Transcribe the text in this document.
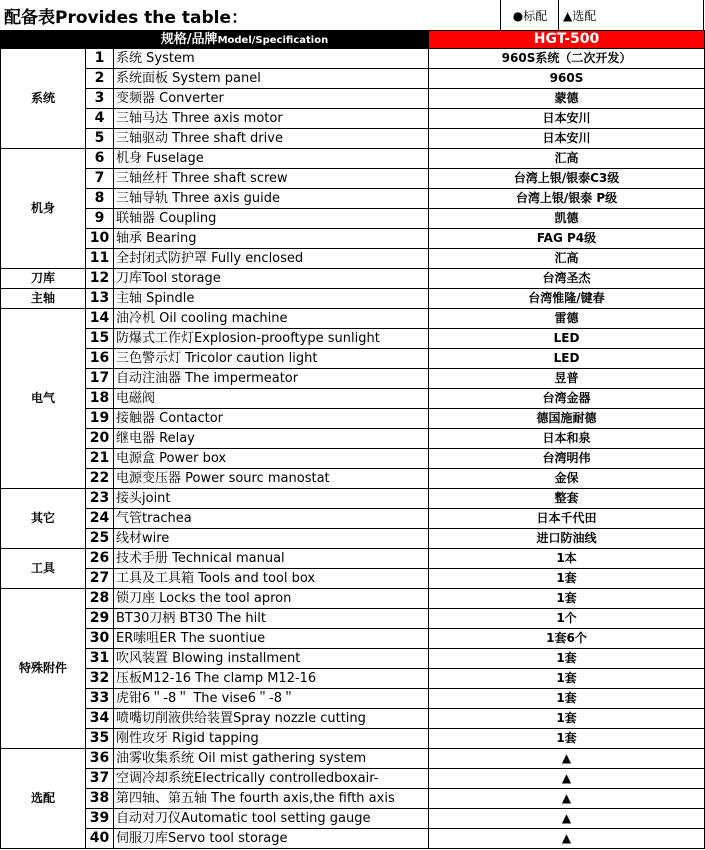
配备表Provides the table：	●标配	▲选配
规格/品牌Model/Specification			HGT-500
系统	1	系统 System	960S系统（二次开发）
	2	系统面板 System panel	960S
	3	变频器 Converter	蒙德
	4	三轴马达 Three axis motor	日本安川
	5	三轴驱动 Three shaft drive	日本安川
机身	6	机身 Fuselage	汇高
	7	三轴丝杆 Three shaft screw	台湾上银/银泰C3级
	8	三轴导轨 Three axis guide	台湾上银/银泰 P级
	9	联轴器 Coupling	凯德
	10	轴承 Bearing	FAG P4级
	11	全封闭式防护罩 Fully enclosed	汇高
刀库	12	刀库Tool storage	台湾圣杰
主轴	13	主轴 Spindle	台湾惟隆/键春
电气	14	油冷机 Oil cooling machine	雷德
	15	防爆式工作灯Explosion-prooftype sunlight	LED
	16	三色警示灯 Tricolor caution light	LED
	17	自动注油器 The impermeator	昱普
	18	电磁阀	台湾金器
	19	接触器 Contactor	德国施耐德
	20	继电器 Relay	日本和泉
	21	电源盒 Power box	台湾明伟
	22	电源变压器 Power sourc manostat	金保
其它	23	接头joint	整套
	24	气管trachea	日本千代田
	25	线材wire	进口防油线
工具	26	技术手册 Technical manual	1本
	27	工具及工具箱 Tools and tool box	1套
特殊附件	28	锁刀座 Locks the tool apron	1套
	29	BT30刀柄 BT30 The hilt	1个
	30	ER嗦咀ER The suontiue	1套6个
	31	吹风装置 Blowing installment	1套
	32	压板M12-16 The clamp M12-16	1套
	33	虎钳6＂-8＂ The vise6＂-8＂	1套
	34	喷嘴切削液供给装置Spray nozzle cutting	1套
	35	刚性攻牙 Rigid tapping	1套
选配	36	油雾收集系统 Oil mist gathering system	▲
	37	空调冷却系统Electrically controlledboxair-	▲
	38	第四轴、第五轴 The fourth axis,the fifth axis	▲
	39	自动对刀仪Automatic tool setting gauge	▲
	40	伺服刀库Servo tool storage	▲
